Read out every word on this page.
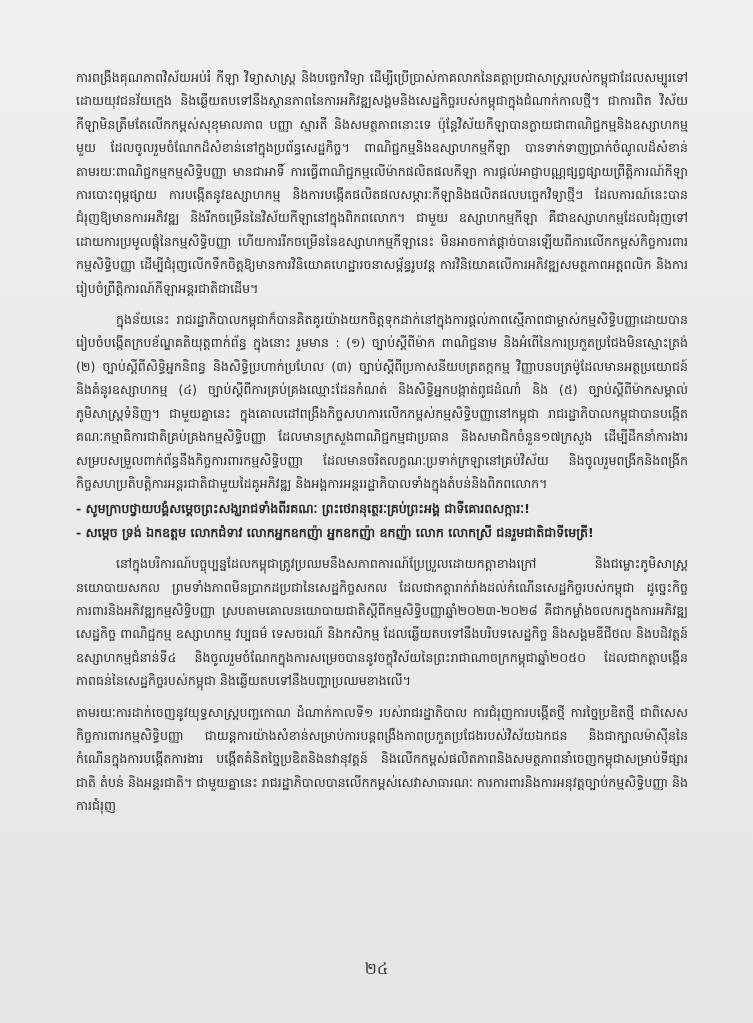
ការពង្រឹងគុណភាពវិស័យអប់រំ កីឡា វិទ្យាសាស្ត្រ និងបច្ចេកវិទ្យា ដើម្បីប្រើប្រាស់កាគលាភនៃគត្តាប្រជាសាស្ត្ររបស់កម្ពុជាដែលសម្បូរទៅដោយយុវជនវ័យក្មេង និងឆ្លើយតបទៅនឹងស្ថានភាពនៃការអភិវឌ្ឍសង្គមនិងសេដ្ឋកិច្ចរបស់កម្ពុជាក្នុងជំណាក់កាលថ្មី។ ជាការពិត វិស័យកីឡាមិនត្រឹមតែលើកកម្ពស់សុខុមាលភាព បញ្ញា ស្មារតី និងសមត្ថភាពនោះទេ ប៉ុន្តែវិស័យកីឡាបានក្លាយជាពាណិជ្ជកម្មនិងឧស្សាហកម្មមួយ ដែលចូលរួមចំណែកដ៏សំខាន់នៅក្នុងប្រព័ន្ធសេដ្ឋកិច្ច។ ពាណិជ្ជកម្មនិងឧស្សាហកម្មកីឡា បានទាក់ទាញប្រាក់ចំណូលដ៏សំខាន់តាមរយៈពាណិជ្ជកម្មកម្មសិទ្ធិបញ្ញា មានជាអាទិ៍ ការធ្វើពាណិជ្ជកម្មលើម៉ាកផលិតផលកីឡា ការផ្តល់អាជ្ញាបណ្ណផ្សព្វផ្សាយព្រឹត្តិការណ៍កីឡា ការបោះពុម្ពផ្សាយ ការបង្កើតនូវឧស្សាហកម្ម និងការបង្កើតផលិតផលសម្ភារៈកីឡានិងផលិតផលបច្ចេកវិទ្យាថ្មីៗ ដែលការណ៍នេះបានជំរុញឱ្យមានការអភិវឌ្ឍ និងរីកចម្រើននៃវិស័យកីឡានៅក្នុងពិភពលោក។ ជាមួយ ឧស្សាហកម្មកីឡា គឺជាឧស្សាហកម្មដែលជំរុញទៅដោយការប្រមូលផ្តុំនៃកម្មសិទ្ធិបញ្ញា ហើយការរីកចម្រើននៃឧស្សាហកម្មកីឡានេះ មិនអាចកាត់ផ្តាច់បានឡើយពីការលើកកម្ពស់កិច្ចការពារកម្មសិទ្ធិបញ្ញា ដើម្បីជំរុញលើកទឹកចិត្តឱ្យមានការវិនិយោគហេដ្ឋារចនាសម្ព័ន្ធរូបវន្ត ការវិនិយោគលើការអភិវឌ្ឍសមត្ថភាពអត្តពលិក និងការរៀបចំព្រឹត្តិការណ៍កីឡាអន្តរជាតិជាដើម។

ក្នុងន័យនេះ រាជរដ្ឋាភិបាលកម្ពុជាក៏បានគិតគូរយ៉ាងយកចិត្តទុកដាក់នៅក្នុងការផ្តល់ភាពស្មើភាពជាម្ចាស់កម្មសិទ្ធិបញ្ញាដោយបានរៀបចំបង្កើតក្របខ័ណ្ឌគតិយុត្តពាក់ព័ន្ធ ក្នុងនោះ រួមមាន : (១) ច្បាប់ស្តីពីម៉ាក ពាណិជ្ជនាម និងអំពើនៃការប្រកួតប្រជែងមិនស្មោះត្រង់ (២) ច្បាប់ស្តីពីសិទ្ធិអ្នកនិពន្ធ និងសិទ្ធិប្រហាក់ប្រហែល (៣) ច្បាប់ស្តីពីប្រកាសនីយបត្រតក្កកម្ម វិញ្ញាបនបត្រម៉ូដែលមានអត្ថប្រយោជន៍ និងគំនូរឧស្សាហកម្ម (៤) ច្បាប់ស្តីពីការគ្រប់គ្រងឈ្មោះដែនកំណត់ និងសិទ្ធិអ្នកបង្កាត់ពូជដំណាំ និង (៥) ច្បាប់ស្តីពីម៉ាកសម្គាល់ភូមិសាស្ត្រទំនិញ។ ជាមួយគ្នានេះ ក្នុងគោលដៅពង្រឹងកិច្ចសហការលើកកម្ពស់កម្មសិទ្ធិបញ្ញានៅកម្ពុជា រាជរដ្ឋាភិបាលកម្ពុជាបានបង្កើតគណៈកម្មាធិការជាតិគ្រប់គ្រងកម្មសិទ្ធិបញ្ញា ដែលមានក្រសួងពាណិជ្ជកម្មជាប្រធាន និងសមាជិកចំនួន១៧ក្រសួង ដើម្បីដឹកនាំការងារសម្របសម្រួលពាក់ព័ន្ធនឹងកិច្ចការពារកម្មសិទ្ធិបញ្ញា ដែលមានចរិតលក្ខណៈប្រទាក់ក្រឡានៅគ្រប់វិស័យ និងចូលរួមពង្រីកនិងពង្រីកកិច្ចសហប្រតិបត្តិការអន្តរជាតិជាមួយដៃគូអភិវឌ្ឍ និងអង្គការអន្តររដ្ឋាភិបាលទាំងក្នុងតំបន់និងពិភពលោក។

- សូមក្រាបថ្វាយបង្គំសម្តេចព្រះសង្ឃរាជទាំងពីរគណៈ ព្រះថេរានុត្ថេរៈគ្រប់ព្រះអង្គ ជាទីគោរពសក្ការៈ!
- សម្តេច ទ្រង់ ឯកឧត្តម លោកជំទាវ លោកអ្នកឧកញ៉ា អ្នកឧកញ៉ា ឧកញ៉ា លោក លោកស្រី ជនរួមជាតិជាទីមេត្រី!

នៅក្នុងបរិការណ៍បច្ចុប្បន្នដែលកម្ពុជាត្រូវប្រឈមនឹងសភាពការណ៍ប្រែប្រួលដោយកត្តាខាងក្រៅ និងជម្លោះភូមិសាស្ត្រនយោបាយសកល ព្រមទាំងភាពមិនប្រាកដប្រជានៃសេដ្ឋកិច្ចសកល ដែលជាកត្តារាក់រាំងដល់កំណើនសេដ្ឋកិច្ចរបស់កម្ពុជា ដូច្នេះកិច្ចការពារនិងអភិវឌ្ឍកម្មសិទ្ធិបញ្ញា ស្របតាមគោលនយោបាយជាតិស្តីពីកម្មសិទ្ធិបញ្ញាឆ្នាំ២០២៣-២០២៨ គឺជាកម្លាំងចលករក្នុងការអភិវឌ្ឍសេដ្ឋកិច្ច ពាណិជ្ជកម្ម ឧស្សាហកម្ម វប្បធម៌ ទេសចរណ៍ និងកសិកម្ម ដែលឆ្លើយតបទៅនឹងបរិបទសេដ្ឋកិច្ច និងសង្គមឌីជីថល និងបដិវត្តន៍ឧស្សាហកម្មជំនាន់ទី៤ និងចូលរួមចំណែកក្នុងការសម្រេចបាននូវចក្ខុវិស័យនៃព្រះរាជាណាចក្រកម្ពុជាឆ្នាំ២០៥០ ដែលជាកត្តាបង្កើនភាពធន់នៃសេដ្ឋកិច្ចរបស់កម្ពុជា និងឆ្លើយតបទៅនឹងបញ្ហាប្រឈមខាងលើ។

តាមរយៈការដាក់ចេញនូវយុទ្ធសាស្ត្របញ្ចកោណ ដំណាក់កាលទី១ របស់រាជរដ្ឋាភិបាល ការជំរុញការបង្កើតថ្មី ការច្នៃប្រឌិតថ្មី ជាពិសេសកិច្ចការពារកម្មសិទ្ធិបញ្ញា ជាយន្តការយ៉ាងសំខាន់សម្រាប់ការបន្តពង្រឹងភាពប្រកួតប្រជែងរបស់វិស័យឯកជន និងជាក្បាលម៉ាស៊ីននៃកំណើនក្នុងការបង្កើតការងារ បង្កើតគំនិតច្នៃប្រឌិតនិងនវានុវត្តន៍ និងលើកកម្ពស់ផលិតភាពនិងសមត្ថភាពនាំចេញកម្ពុជាសម្រាប់ទីផ្សារជាតិ តំបន់ និងអន្តរជាតិ។ ជាមួយគ្នានេះ រាជរដ្ឋាភិបាលបានលើកកម្ពស់សេវាសាធារណៈ ការការពារនិងការអនុវត្តច្បាប់កម្មសិទ្ធិបញ្ញា និងការជំរុញ

២៤
